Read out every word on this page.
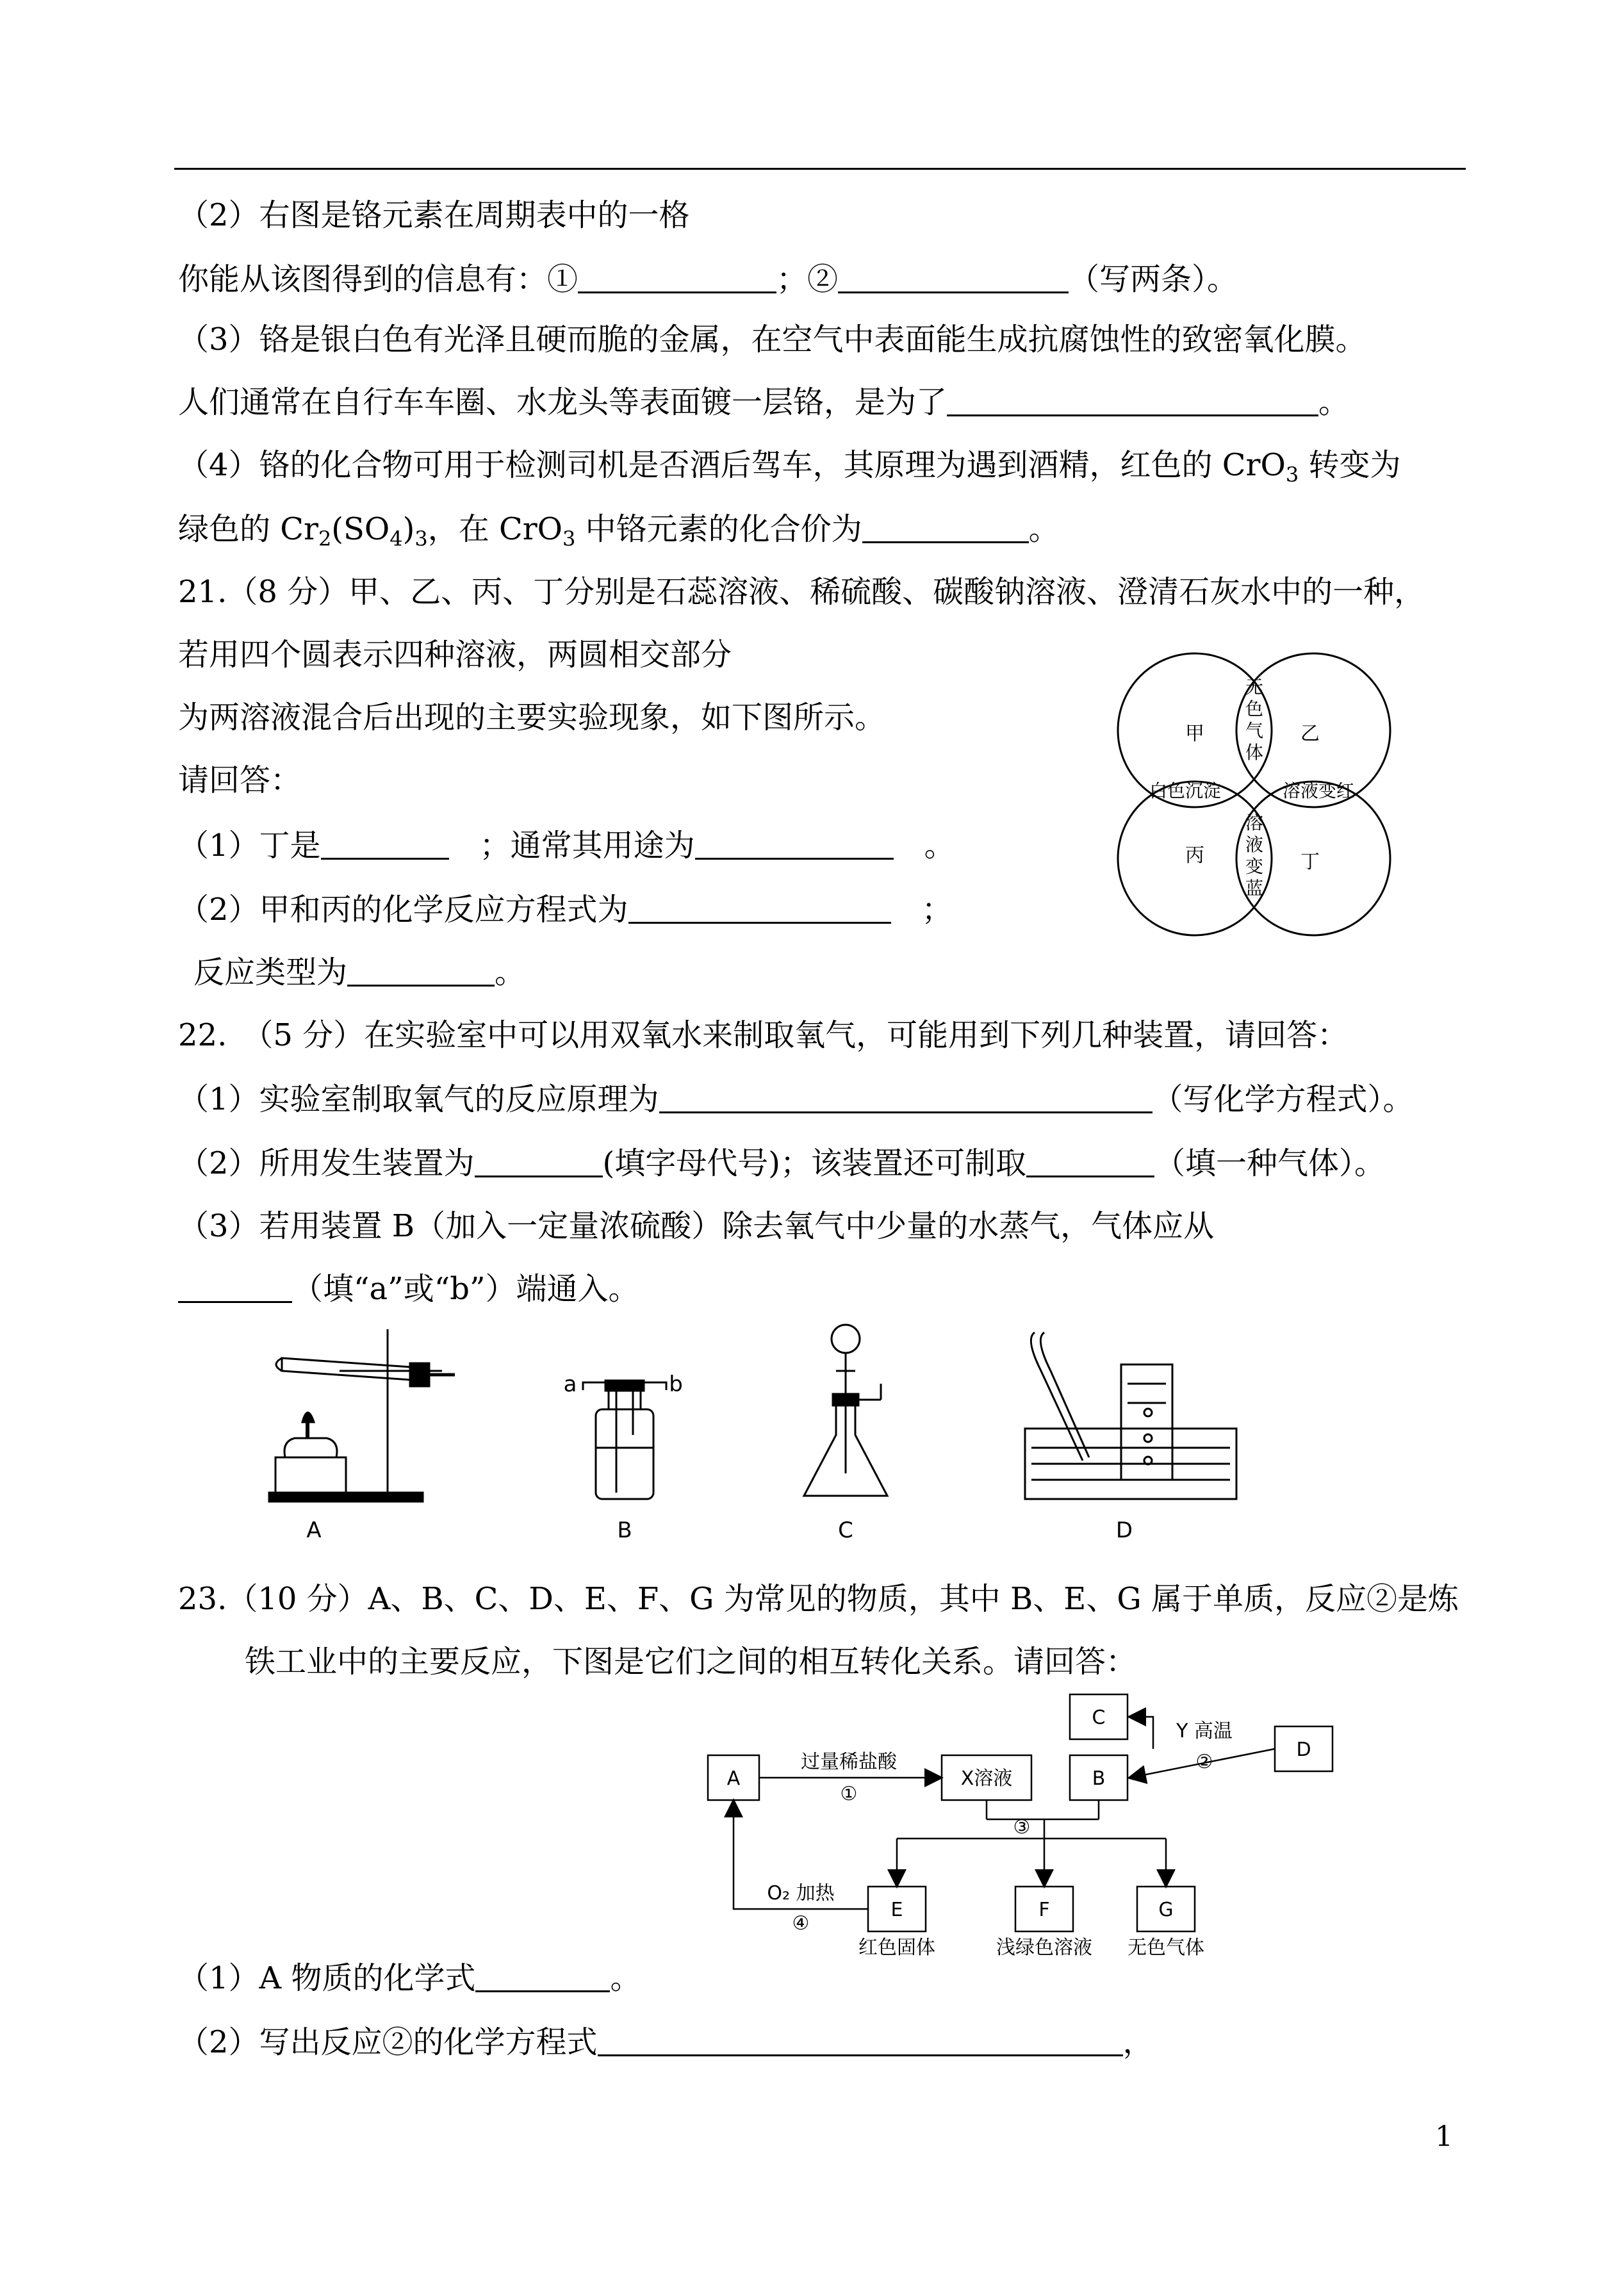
（2）右图是铬元素在周期表中的一格
你能从该图得到的信息有：①	；②	（写两条）。
（3）铬是银白色有光泽且硬而脆的金属，在空气中表面能生成抗腐蚀性的致密氧化膜。
人们通常在自行车车圈、水龙头等表面镀一层铬，是为了	。
（4）铬的化合物可用于检测司机是否酒后驾车，其原理为遇到酒精，红色的 CrO$_3$ 转变为
绿色的 $Cr_2(SO_4)_3$，在 CrO$_3$ 中铬元素的化合价为	。
21.（8 分）甲、乙、丙、丁分别是石蕊溶液、稀硫酸、碳酸钠溶液、澄清石灰水中的一种，
若用四个圆表示四种溶液，两圆相交部分
为两溶液混合后出现的主要实验现象，如下图所示。
请回答：
（1）丁是　	；通常其用途为　	。
（2）甲和丙的化学反应方程式为　	；
反应类型为	。
甲	乙
丙	丁
无
色
气
体
白色沉淀	溶液变红
溶
液
变
蓝
22.　（5 分）在实验室中可以用双氧水来制取氧气，可能用到下列几种装置，请回答：
（1）实验室制取氧气的反应原理为	（写化学方程式）。
（2）所用发生装置为	(填字母代号)；该装置还可制取	（填一种气体）。
（3）若用装置 B（加入一定量浓硫酸）除去氧气中少量的水蒸气，气体应从
（填“a”或“b”）端通入。
A	B	C	D
a	b
23.（10 分）A、B、C、D、E、F、G 为常见的物质，其中 B、E、G 属于单质，反应②是炼
铁工业中的主要反应，下图是它们之间的相互转化关系。请回答：
A	X溶液	B
C
D
E	F	G
过量稀盐酸
①
Y 高温
②
③
O₂ 加热
④
红色固体	浅绿色溶液 无色气体
（1）A 物质的化学式	。
（2）写出反应②的化学方程式	，
1
